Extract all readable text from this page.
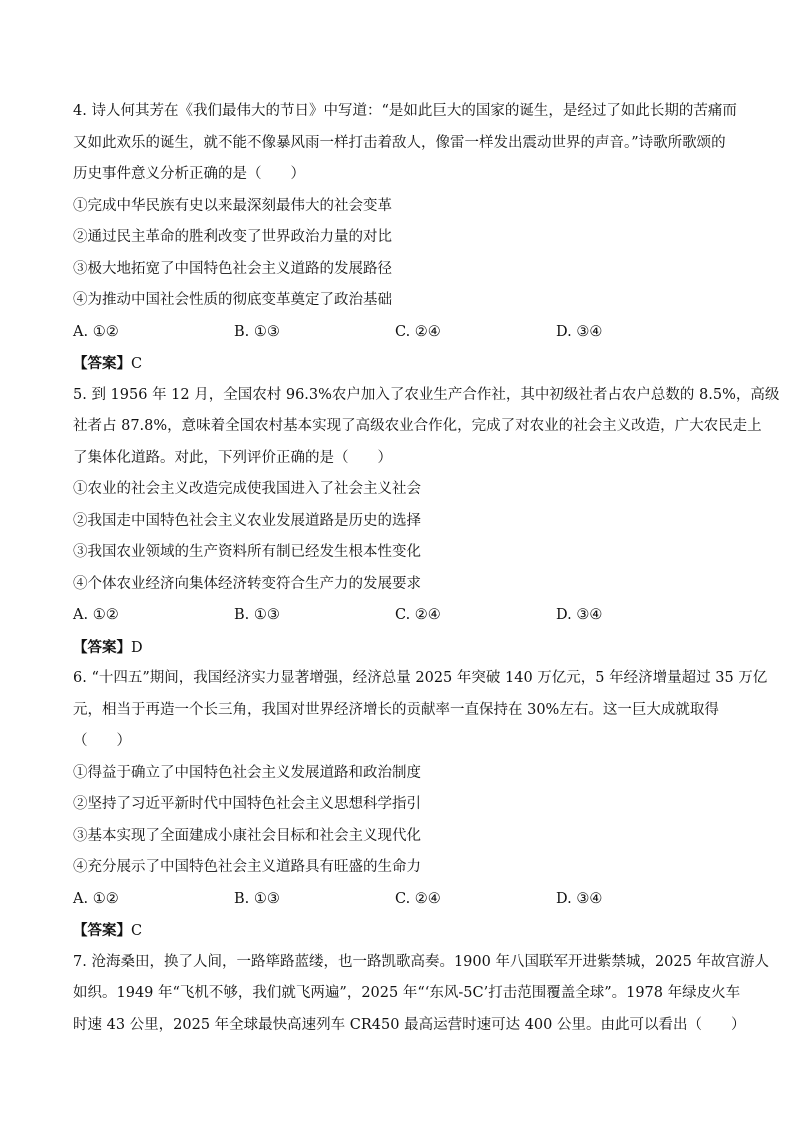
4. 诗人何其芳在《我们最伟大的节日》中写道：“是如此巨大的国家的诞生，是经过了如此长期的苦痛而
又如此欢乐的诞生，就不能不像暴风雨一样打击着敌人，像雷一样发出震动世界的声音。”诗歌所歌颂的
历史事件意义分析正确的是（　　）
①完成中华民族有史以来最深刻最伟大的社会变革
②通过民主革命的胜利改变了世界政治力量的对比
③极大地拓宽了中国特色社会主义道路的发展路径
④为推动中国社会性质的彻底变革奠定了政治基础
A. ①②	B. ①③	C. ②④	D. ③④
【答案】C
5. 到 1956 年 12 月，全国农村 96.3%农户加入了农业生产合作社，其中初级社者占农户总数的 8.5%，高级
社者占 87.8%，意味着全国农村基本实现了高级农业合作化，完成了对农业的社会主义改造，广大农民走上
了集体化道路。对此，下列评价正确的是（　　）
①农业的社会主义改造完成使我国进入了社会主义社会
②我国走中国特色社会主义农业发展道路是历史的选择
③我国农业领域的生产资料所有制已经发生根本性变化
④个体农业经济向集体经济转变符合生产力的发展要求
A. ①②	B. ①③	C. ②④	D. ③④
【答案】D
6. “十四五”期间，我国经济实力显著增强，经济总量 2025 年突破 140 万亿元，5 年经济增量超过 35 万亿
元，相当于再造一个长三角，我国对世界经济增长的贡献率一直保持在 30%左右。这一巨大成就取得
（　　）
①得益于确立了中国特色社会主义发展道路和政治制度
②坚持了习近平新时代中国特色社会主义思想科学指引
③基本实现了全面建成小康社会目标和社会主义现代化
④充分展示了中国特色社会主义道路具有旺盛的生命力
A. ①②	B. ①③	C. ②④	D. ③④
【答案】C
7. 沧海桑田，换了人间，一路筚路蓝缕，也一路凯歌高奏。1900 年八国联军开进紫禁城，2025 年故宫游人
如织。1949 年“飞机不够，我们就飞两遍”，2025 年“‘东风-5C’打击范围覆盖全球”。1978 年绿皮火车
时速 43 公里，2025 年全球最快高速列车 CR450 最高运营时速可达 400 公里。由此可以看出（　　）
